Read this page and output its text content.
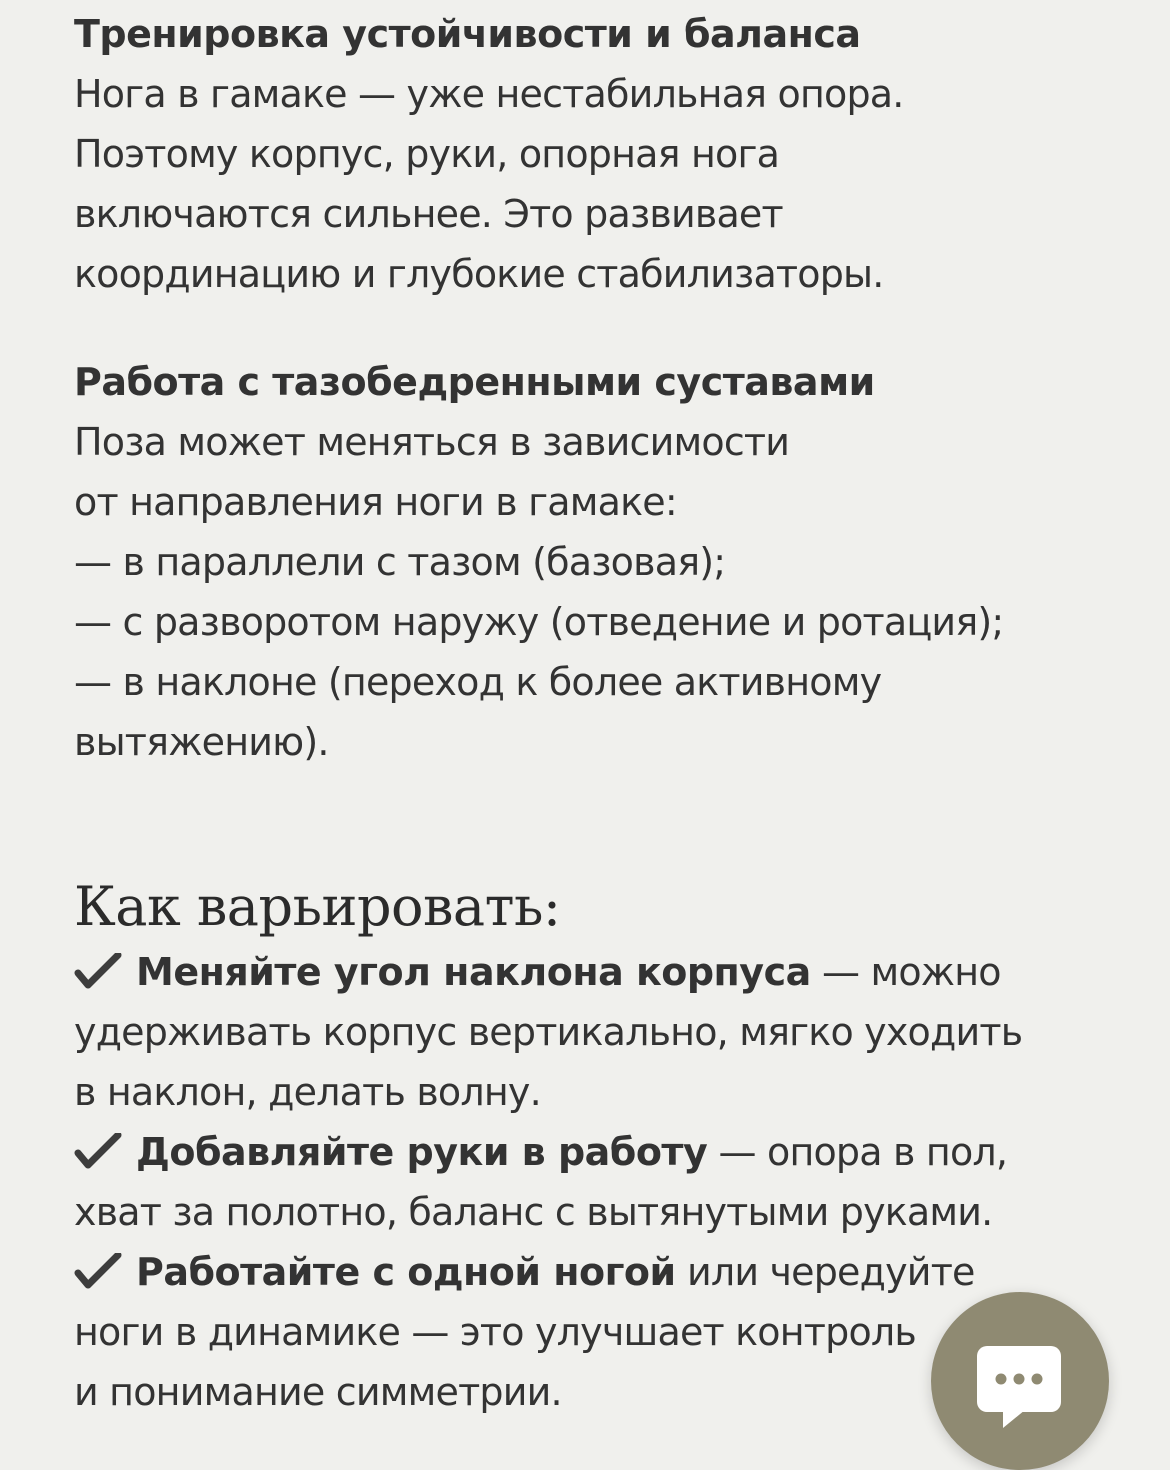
Тренировка устойчивости и баланса

Нога в гамаке — уже нестабильная опора.

Поэтому корпус, руки, опорная нога

включаются сильнее. Это развивает

координацию и глубокие стабилизаторы.

Работа с тазобедренными суставами

Поза может меняться в зависимости

от направления ноги в гамаке:

— в параллели с тазом (базовая);

— с разворотом наружу (отведение и ротация);

— в наклоне (переход к более активному

вытяжению).

Как варьировать:
Меняйте угол наклона корпуса — можно
удерживать корпус вертикально, мягко уходить
в наклон, делать волну.
Добавляйте руки в работу — опора в пол,
хват за полотно, баланс с вытянутыми руками.
Работайте с одной ногой или чередуйте
ноги в динамике — это улучшает контроль
и понимание симметрии.
